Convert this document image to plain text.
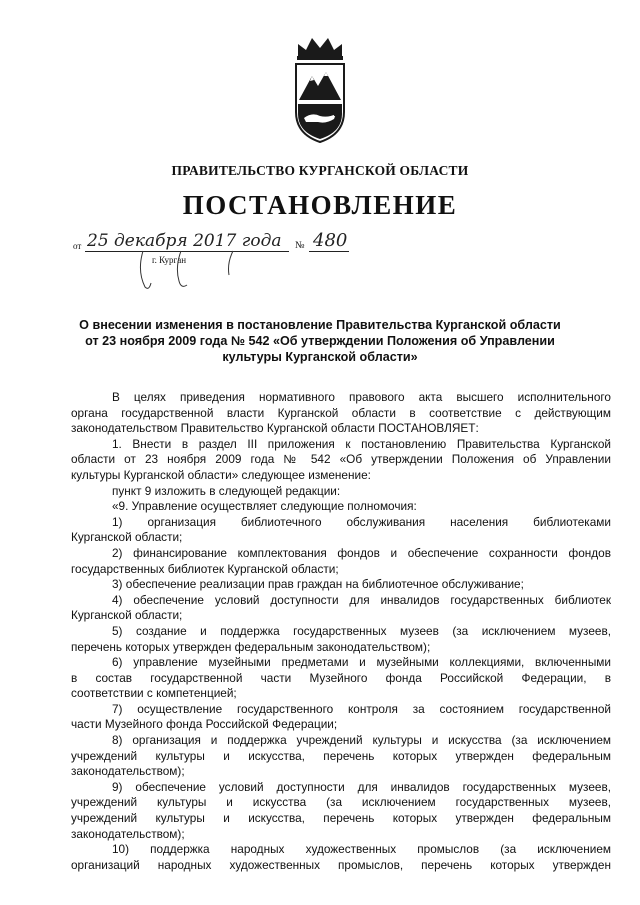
ПРАВИТЕЛЬСТВО КУРГАНСКОЙ ОБЛАСТИ
ПОСТАНОВЛЕНИЕ
от 25 декабря 2017 года № 480
г. Курган
О внесении изменения в постановление Правительства Курганской области
от 23 ноября 2009 года № 542 «Об утверждении Положения об Управлении
культуры Курганской области»
В целях приведения нормативного правового акта высшего исполнительного
органа государственной власти Курганской области в соответствие с действующим
законодательством Правительство Курганской области ПОСТАНОВЛЯЕТ:
1. Внести в раздел III приложения к постановлению Правительства Курганской
области от 23 ноября 2009 года № 542 «Об утверждении Положения об Управлении
культуры Курганской области» следующее изменение:
пункт 9 изложить в следующей редакции:
«9. Управление осуществляет следующие полномочия:
1) организация библиотечного обслуживания населения библиотеками
Курганской области;
2) финансирование комплектования фондов и обеспечение сохранности фондов
государственных библиотек Курганской области;
3) обеспечение реализации прав граждан на библиотечное обслуживание;
4) обеспечение условий доступности для инвалидов государственных библиотек
Курганской области;
5) создание и поддержка государственных музеев (за исключением музеев,
перечень которых утвержден федеральным законодательством);
6) управление музейными предметами и музейными коллекциями, включенными
в состав государственной части Музейного фонда Российской Федерации, в
соответствии с компетенцией;
7) осуществление государственного контроля за состоянием государственной
части Музейного фонда Российской Федерации;
8) организация и поддержка учреждений культуры и искусства (за исключением
учреждений культуры и искусства, перечень которых утвержден федеральным
законодательством);
9) обеспечение условий доступности для инвалидов государственных музеев,
учреждений культуры и искусства (за исключением государственных музеев,
учреждений культуры и искусства, перечень которых утвержден федеральным
законодательством);
10) поддержка народных художественных промыслов (за исключением
организаций народных художественных промыслов, перечень которых утвержден
